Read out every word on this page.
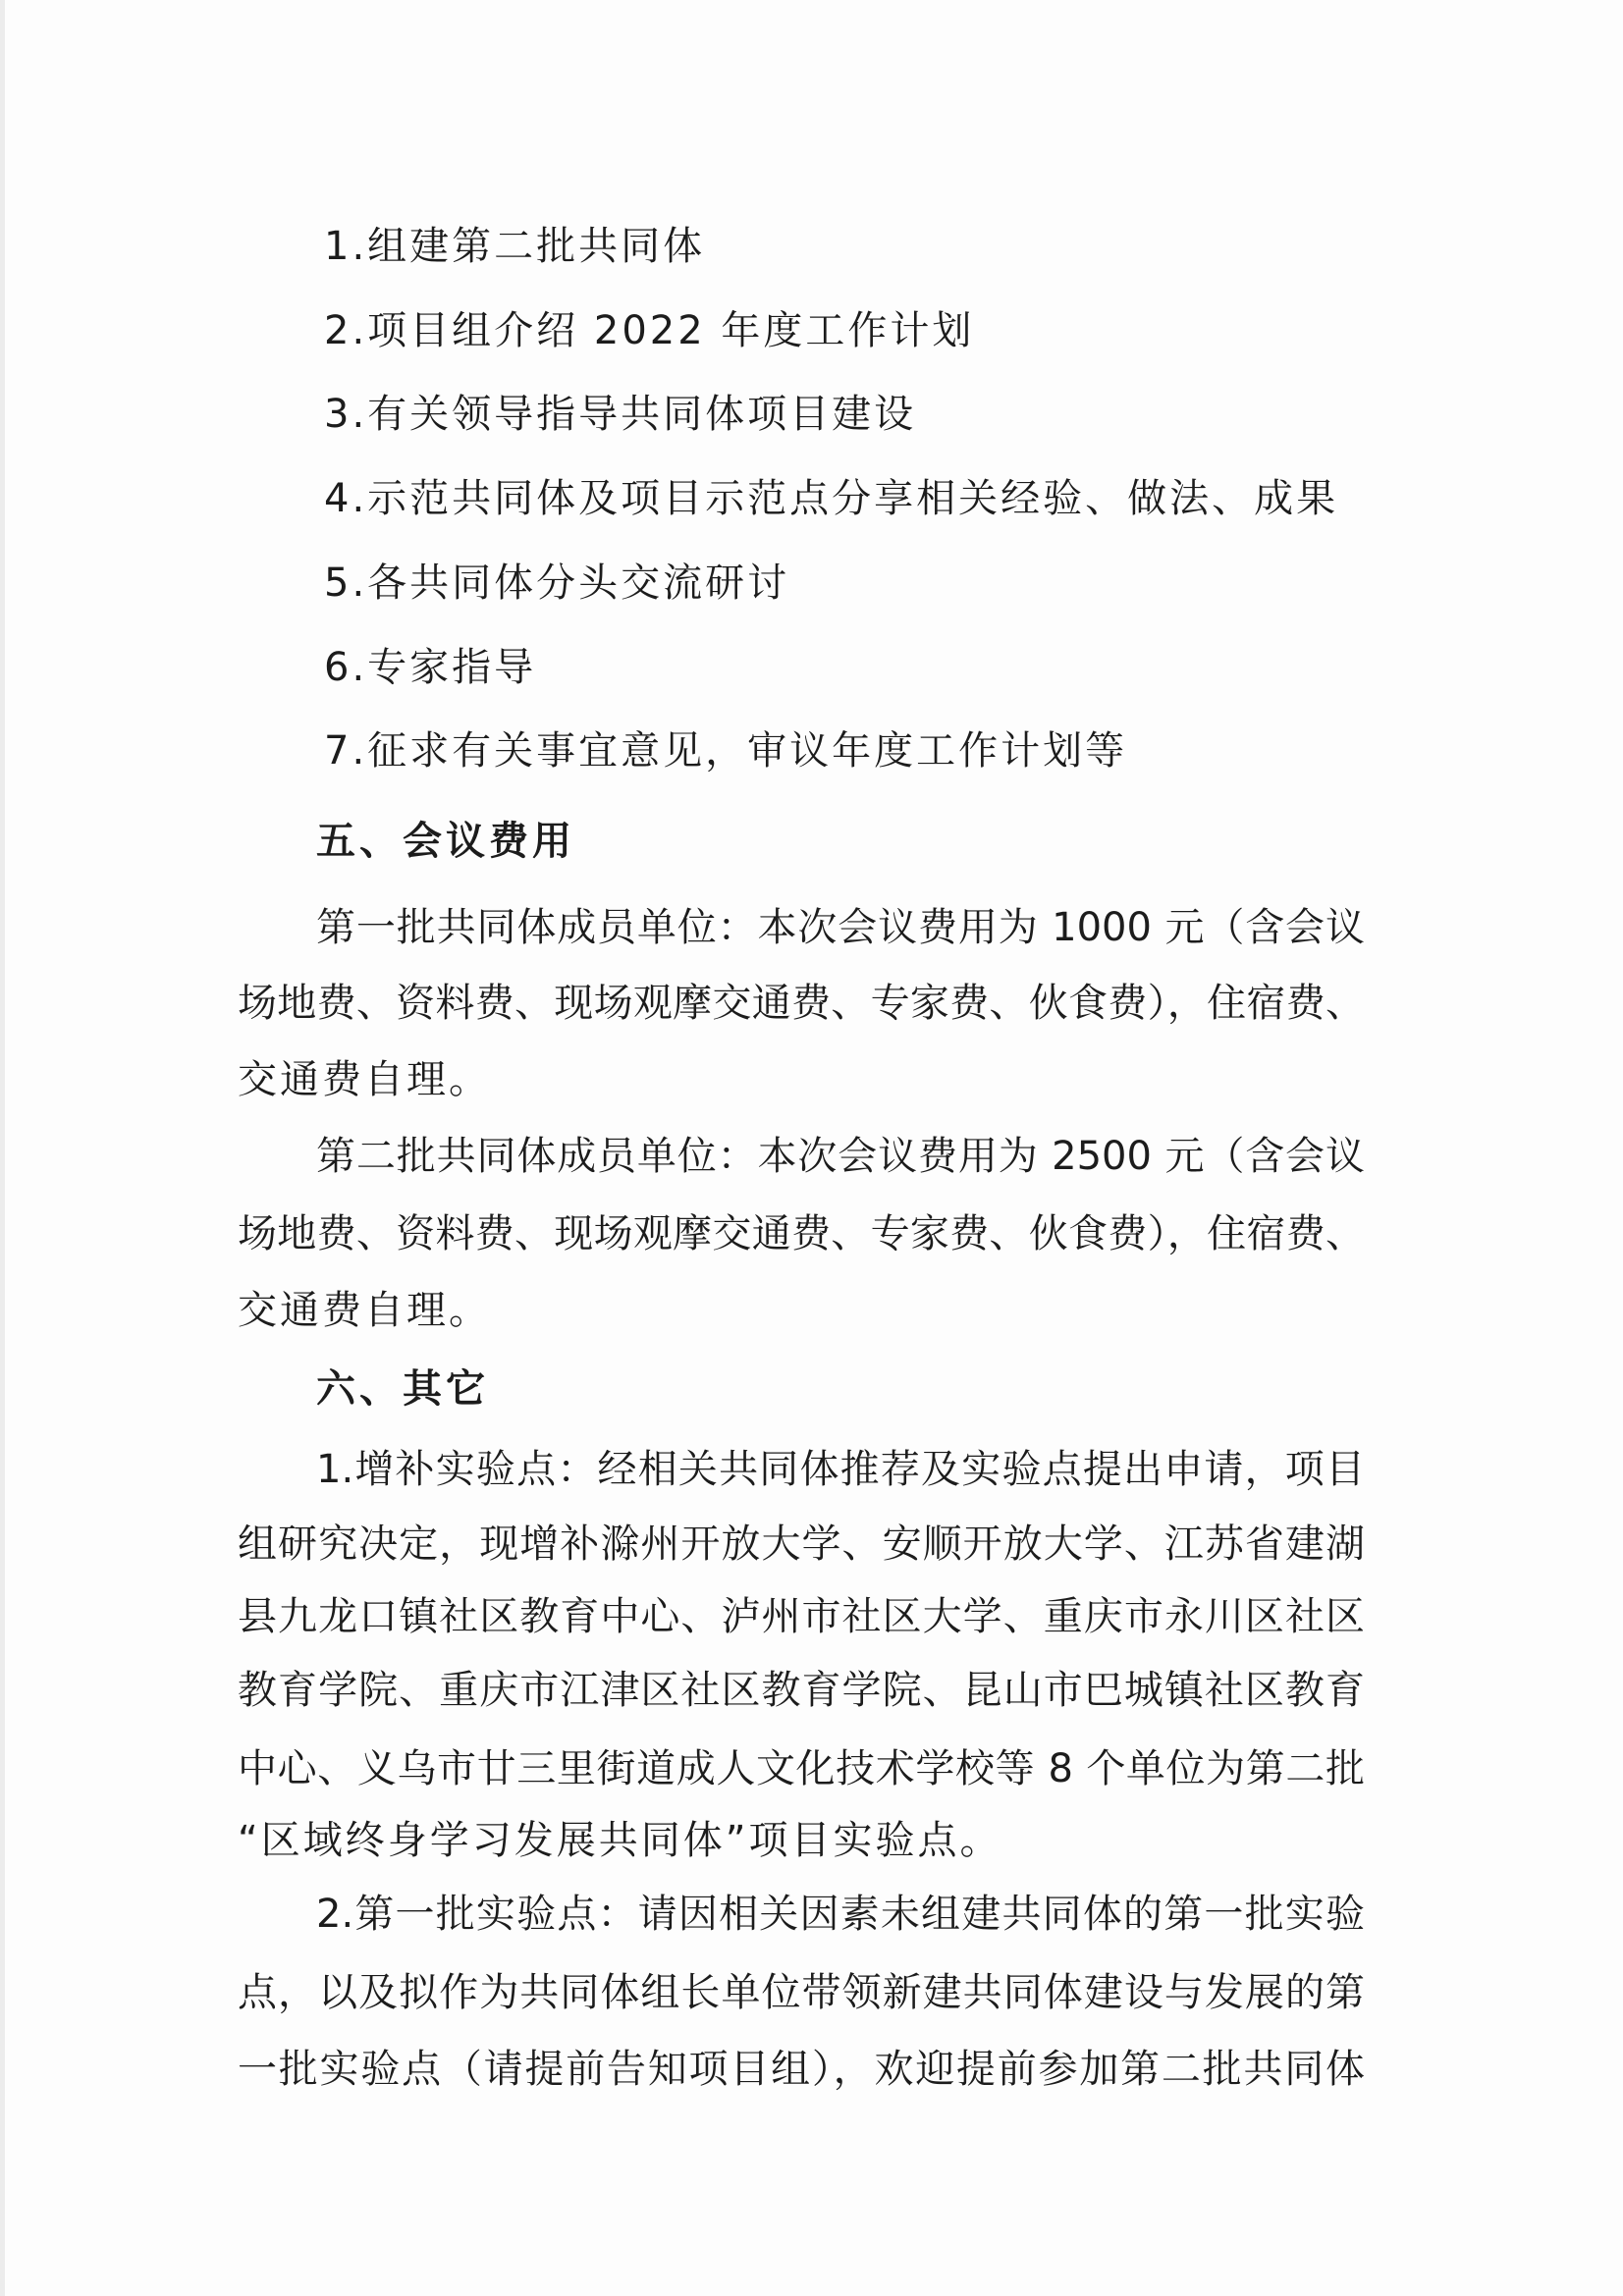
1.组建第二批共同体
2.项目组介绍 2022 年度工作计划
3.有关领导指导共同体项目建设
4.示范共同体及项目示范点分享相关经验、做法、成果
5.各共同体分头交流研讨
6.专家指导
7.征求有关事宜意见，审议年度工作计划等
五、会议费用
第一批共同体成员单位：本次会议费用为 1000 元（含会议
场地费、资料费、现场观摩交通费、专家费、伙食费），住宿费、
交通费自理。
第二批共同体成员单位：本次会议费用为 2500 元（含会议
场地费、资料费、现场观摩交通费、专家费、伙食费），住宿费、
交通费自理。
六、其它
1.增补实验点：经相关共同体推荐及实验点提出申请，项目
组研究决定，现增补滁州开放大学、安顺开放大学、江苏省建湖
县九龙口镇社区教育中心、泸州市社区大学、重庆市永川区社区
教育学院、重庆市江津区社区教育学院、昆山市巴城镇社区教育
中心、义乌市廿三里街道成人文化技术学校等 8 个单位为第二批
“区域终身学习发展共同体”项目实验点。
2.第一批实验点：请因相关因素未组建共同体的第一批实验
点，以及拟作为共同体组长单位带领新建共同体建设与发展的第
一批实验点（请提前告知项目组），欢迎提前参加第二批共同体
